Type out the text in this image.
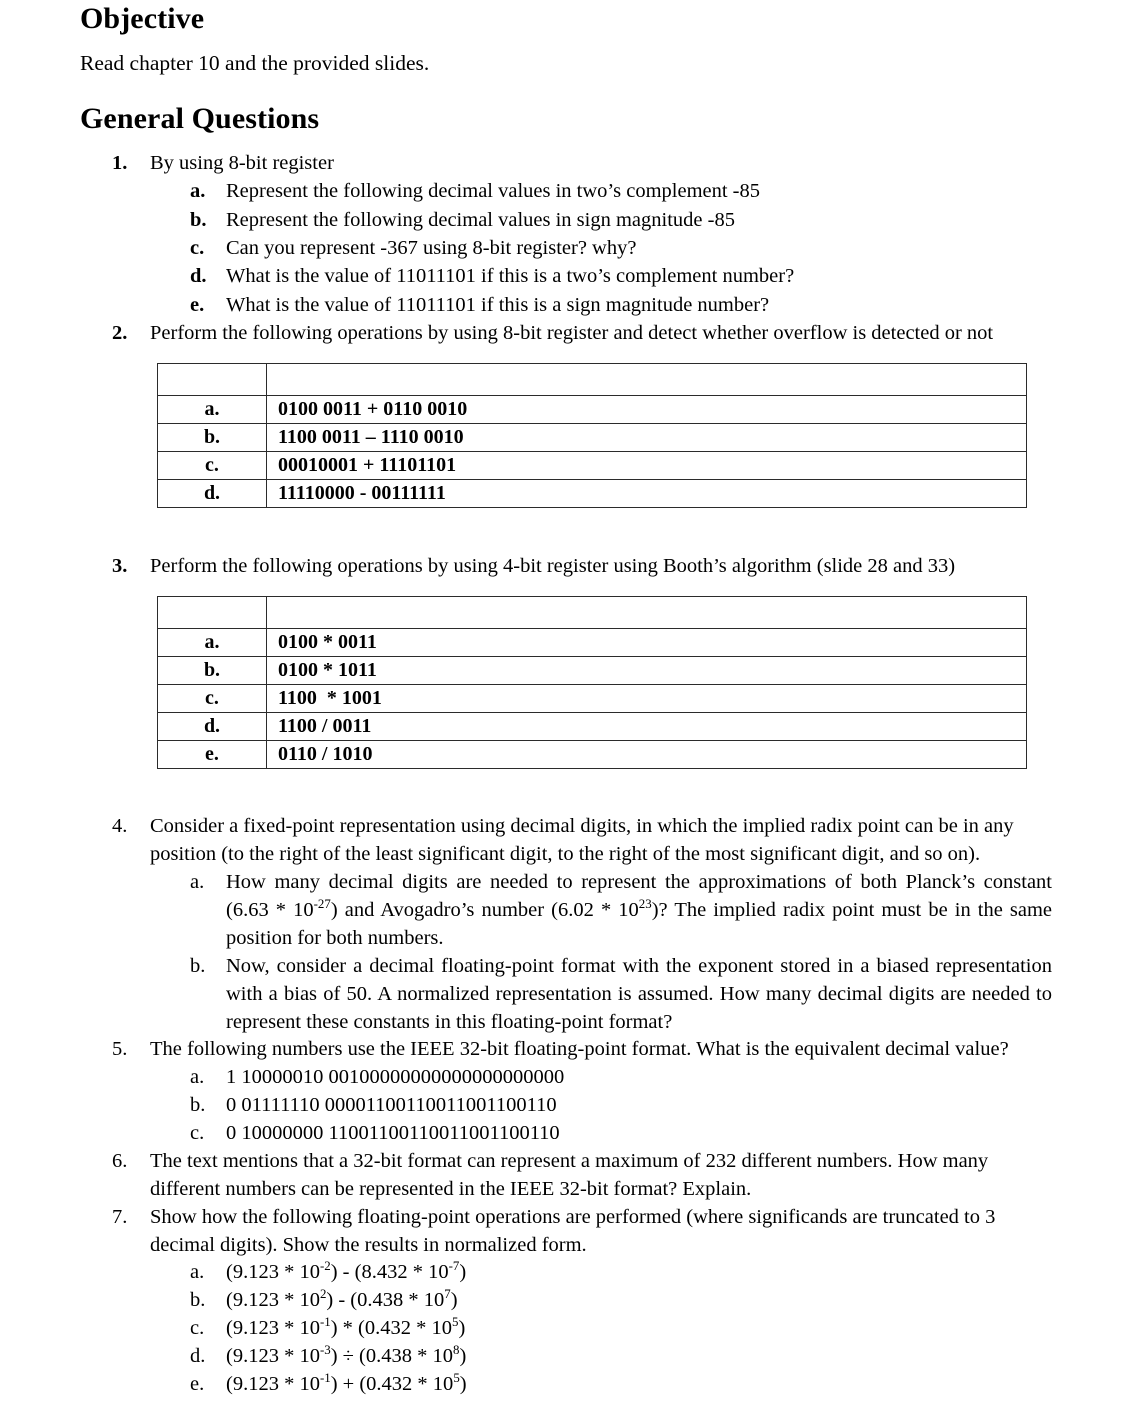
Objective

Read chapter 10 and the provided slides.

General Questions
1.	By using 8-bit register
a.	Represent the following decimal values in two’s complement -85
b. Represent the following decimal values in sign magnitude -85
c.	Can you represent -367 using 8-bit register? why?
d. What is the value of 11011101 if this is a two’s complement number?
e.	What is the value of 11011101 if this is a sign magnitude number?
2.	Perform the following operations by using 8-bit register and detect whether overflow is detected or not

a.	0100 0011 + 0110 0010
b.	1100 0011 – 1110 0010
c.	00010001 + 11101101
d.	11110000 - 00111111
3.	Perform the following operations by using 4-bit register using Booth’s algorithm (slide 28 and 33)

a.	0100 * 0011
b.	0100 * 1011
c.	1100  * 1001
d.	1100 / 0011
e.	0110 / 1010
4.	Consider a fixed-point representation using decimal digits, in which the implied radix point can be in any position (to the right of the least significant digit, to the right of the most significant digit, and so on).
a.	How many decimal digits are needed to represent the approximations of both Planck’s constant $(6.63 * 10^{-27})$ and Avogadro’s number $(6.02 * 10^{23})$? The implied radix point must be in the same position for both numbers.
b.	Now, consider a decimal floating-point format with the exponent stored in a biased representation with a bias of 50. A normalized representation is assumed. How many decimal digits are needed to represent these constants in this floating-point format?
5.	The following numbers use the IEEE 32-bit floating-point format. What is the equivalent decimal value?
a.	1 10000010 00100000000000000000000
b.	0 01111110 00001100110011001100110
c.	0 10000000 11001100110011001100110
6.	The text mentions that a 32-bit format can represent a maximum of 232 different numbers. How many different numbers can be represented in the IEEE 32-bit format? Explain.
7.	Show how the following floating-point operations are performed (where significands are truncated to 3 decimal digits). Show the results in normalized form.
a.	$(9.123 * 10^{-2}) - (8.432 * 10^{-7})$
b.	$(9.123 * 10^2) - (0.438 * 10^7)$
c.	$(9.123 * 10^{-1}) * (0.432 * 10^5)$
d.	$(9.123 * 10^{-3}) \div (0.438 * 10^8)$
e.	$(9.123 * 10^{-1}) + (0.432 * 10^5)$
